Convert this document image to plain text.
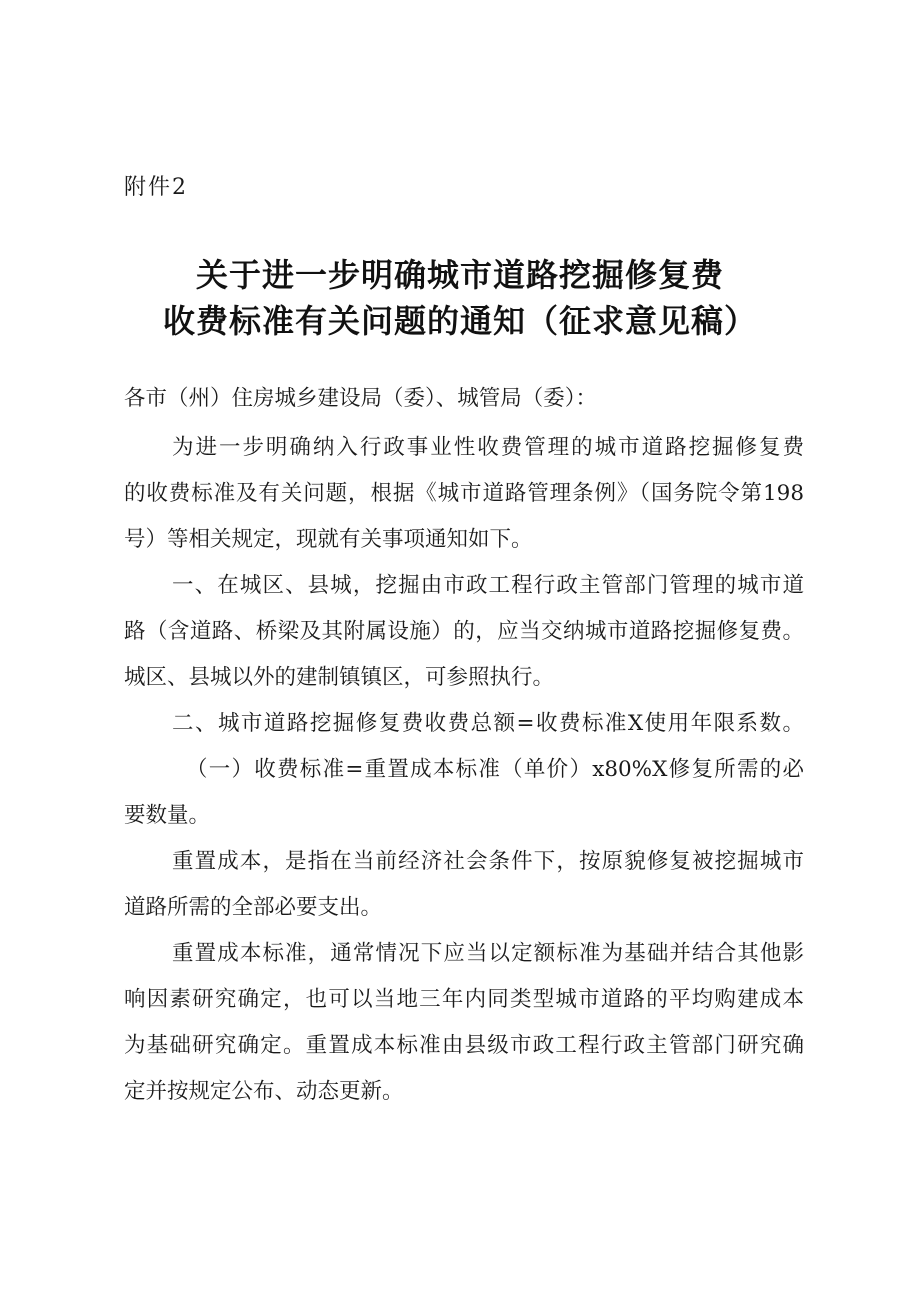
附件2
关于进一步明确城市道路挖掘修复费
收费标准有关问题的通知（征求意见稿）
各市（州）住房城乡建设局（委）、城管局（委）：
为进一步明确纳入行政事业性收费管理的城市道路挖掘修复费
的收费标准及有关问题，根据《城市道路管理条例》（国务院令第198
号）等相关规定，现就有关事项通知如下。
一、在城区、县城，挖掘由市政工程行政主管部门管理的城市道
路（含道路、桥梁及其附属设施）的，应当交纳城市道路挖掘修复费。
城区、县城以外的建制镇镇区，可参照执行。
二、城市道路挖掘修复费收费总额=收费标准X使用年限系数。
（一）收费标准=重置成本标准（单价）x80%X修复所需的必
要数量。
重置成本，是指在当前经济社会条件下，按原貌修复被挖掘城市
道路所需的全部必要支出。
重置成本标准，通常情况下应当以定额标准为基础并结合其他影
响因素研究确定，也可以当地三年内同类型城市道路的平均购建成本
为基础研究确定。重置成本标准由县级市政工程行政主管部门研究确
定并按规定公布、动态更新。
